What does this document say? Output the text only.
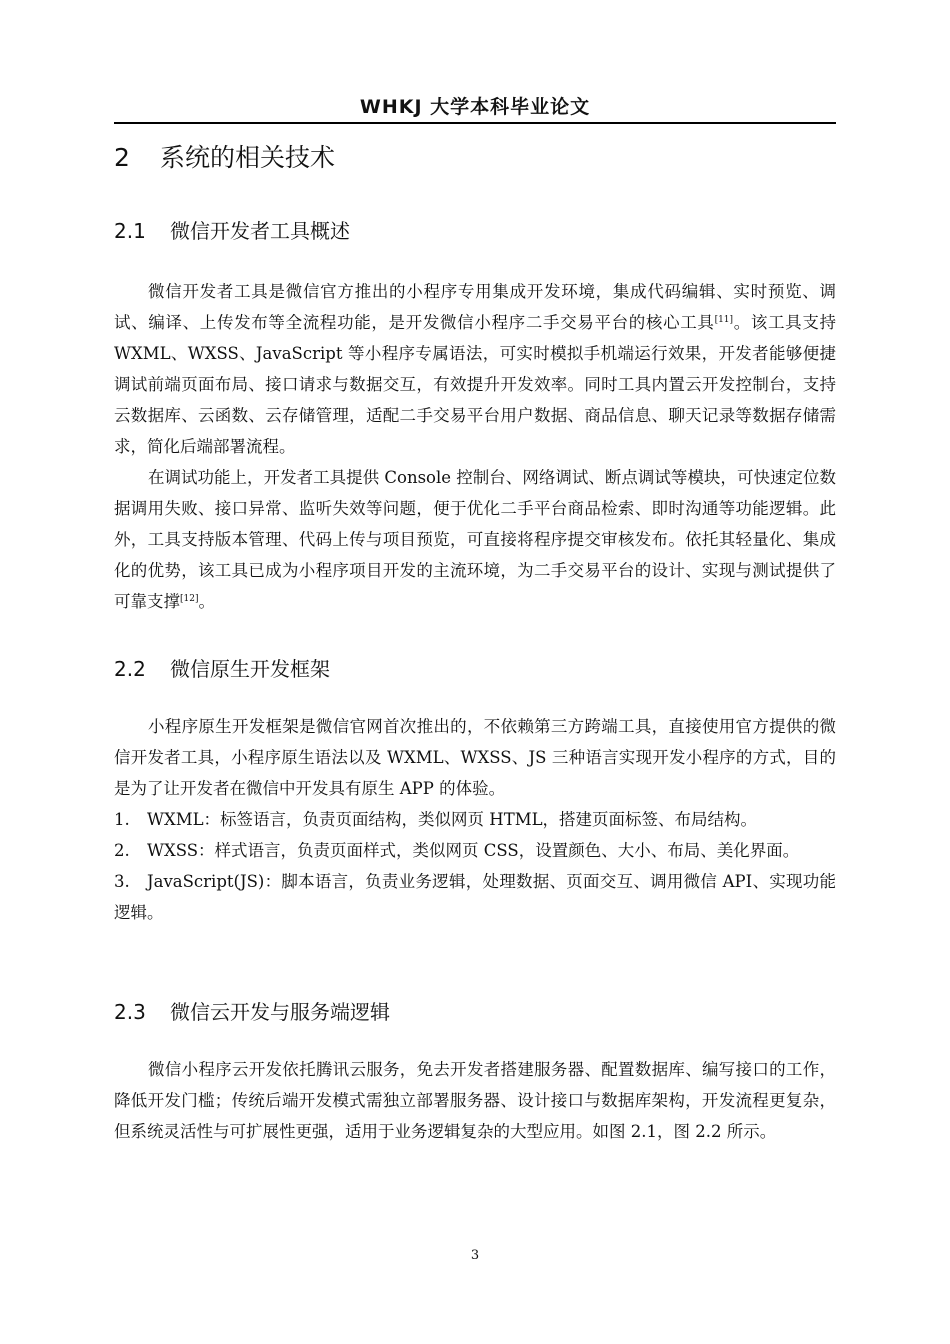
WHKJ 大学本科毕业论文
2 系统的相关技术
2.1 微信开发者工具概述

微信开发者工具是微信官方推出的小程序专用集成开发环境，集成代码编辑、实时预览、调试、编译、上传发布等全流程功能，是开发微信小程序二手交易平台的核心工具[11]。该工具支持 WXML、WXSS、JavaScript 等小程序专属语法，可实时模拟手机端运行效果，开发者能够便捷调试前端页面布局、接口请求与数据交互，有效提升开发效率。同时工具内置云开发控制台，支持云数据库、云函数、云存储管理，适配二手交易平台用户数据、商品信息、聊天记录等数据存储需求，简化后端部署流程。

在调试功能上，开发者工具提供 Console 控制台、网络调试、断点调试等模块，可快速定位数据调用失败、接口异常、监听失效等问题，便于优化二手平台商品检索、即时沟通等功能逻辑。此外，工具支持版本管理、代码上传与项目预览，可直接将程序提交审核发布。依托其轻量化、集成化的优势，该工具已成为小程序项目开发的主流环境，为二手交易平台的设计、实现与测试提供了可靠支撑[12]。

2.2 微信原生开发框架

小程序原生开发框架是微信官网首次推出的，不依赖第三方跨端工具，直接使用官方提供的微信开发者工具，小程序原生语法以及 WXML、WXSS、JS 三种语言实现开发小程序的方式，目的是为了让开发者在微信中开发具有原生 APP 的体验。

1. WXML：标签语言，负责页面结构，类似网页 HTML，搭建页面标签、布局结构。

2. WXSS：样式语言，负责页面样式，类似网页 CSS，设置颜色、大小、布局、美化界面。

3. JavaScript(JS)：脚本语言，负责业务逻辑，处理数据、页面交互、调用微信 API、实现功能逻辑。

2.3 微信云开发与服务端逻辑

微信小程序云开发依托腾讯云服务，免去开发者搭建服务器、配置数据库、编写接口的工作，降低开发门槛；传统后端开发模式需独立部署服务器、设计接口与数据库架构，开发流程更复杂，但系统灵活性与可扩展性更强，适用于业务逻辑复杂的大型应用。如图 2.1，图 2.2 所示。

3
